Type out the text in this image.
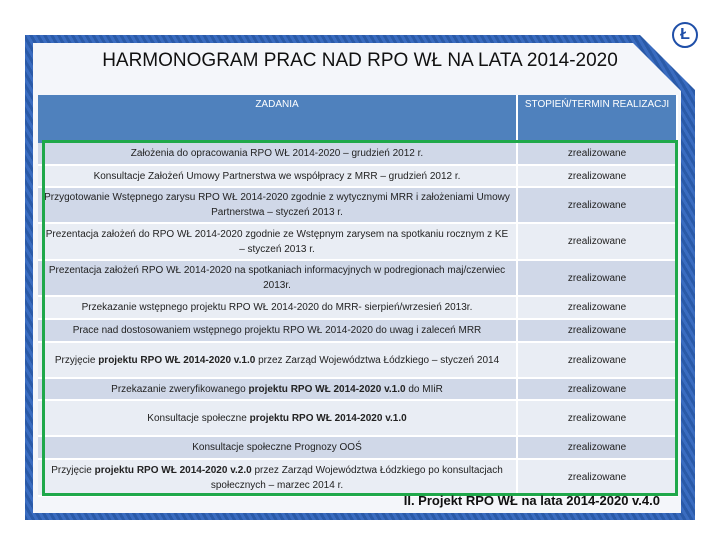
Ł
HARMONOGRAM PRAC NAD RPO WŁ NA LATA 2014-2020
ZADANIA	STOPIEŃ/TERMIN REALIZACJI
Założenia do opracowania RPO WŁ 2014-2020 – grudzień 2012 r.	zrealizowane
Konsultacje Założeń Umowy Partnerstwa we współpracy z MRR – grudzień 2012 r.	zrealizowane
Przygotowanie Wstępnego zarysu RPO WŁ 2014-2020 zgodnie z wytycznymi MRR i założeniami Umowy Partnerstwa – styczeń 2013 r.	zrealizowane
Prezentacja założeń do RPO WŁ 2014-2020 zgodnie ze Wstępnym zarysem na spotkaniu rocznym z KE – styczeń 2013 r.	zrealizowane
Prezentacja założeń RPO WŁ 2014-2020 na spotkaniach informacyjnych w podregionach maj/czerwiec 2013r.	zrealizowane
Przekazanie wstępnego projektu RPO WŁ 2014-2020 do MRR- sierpień/wrzesień 2013r.	zrealizowane
Prace nad dostosowaniem wstępnego projektu RPO WŁ 2014-2020 do uwag i zaleceń MRR	zrealizowane
Przyjęcie projektu RPO WŁ 2014-2020 v.1.0 przez Zarząd Województwa Łódzkiego – styczeń 2014	zrealizowane
Przekazanie zweryfikowanego projektu RPO WŁ 2014-2020 v.1.0 do MIiR	zrealizowane
Konsultacje społeczne projektu RPO WŁ 2014-2020 v.1.0	zrealizowane
Konsultacje społeczne Prognozy OOŚ	zrealizowane
Przyjęcie projektu RPO WŁ 2014-2020 v.2.0 przez Zarząd Województwa Łódzkiego po konsultacjach społecznych – marzec 2014 r.	zrealizowane
II. Projekt RPO WŁ na lata 2014-2020 v.4.0
